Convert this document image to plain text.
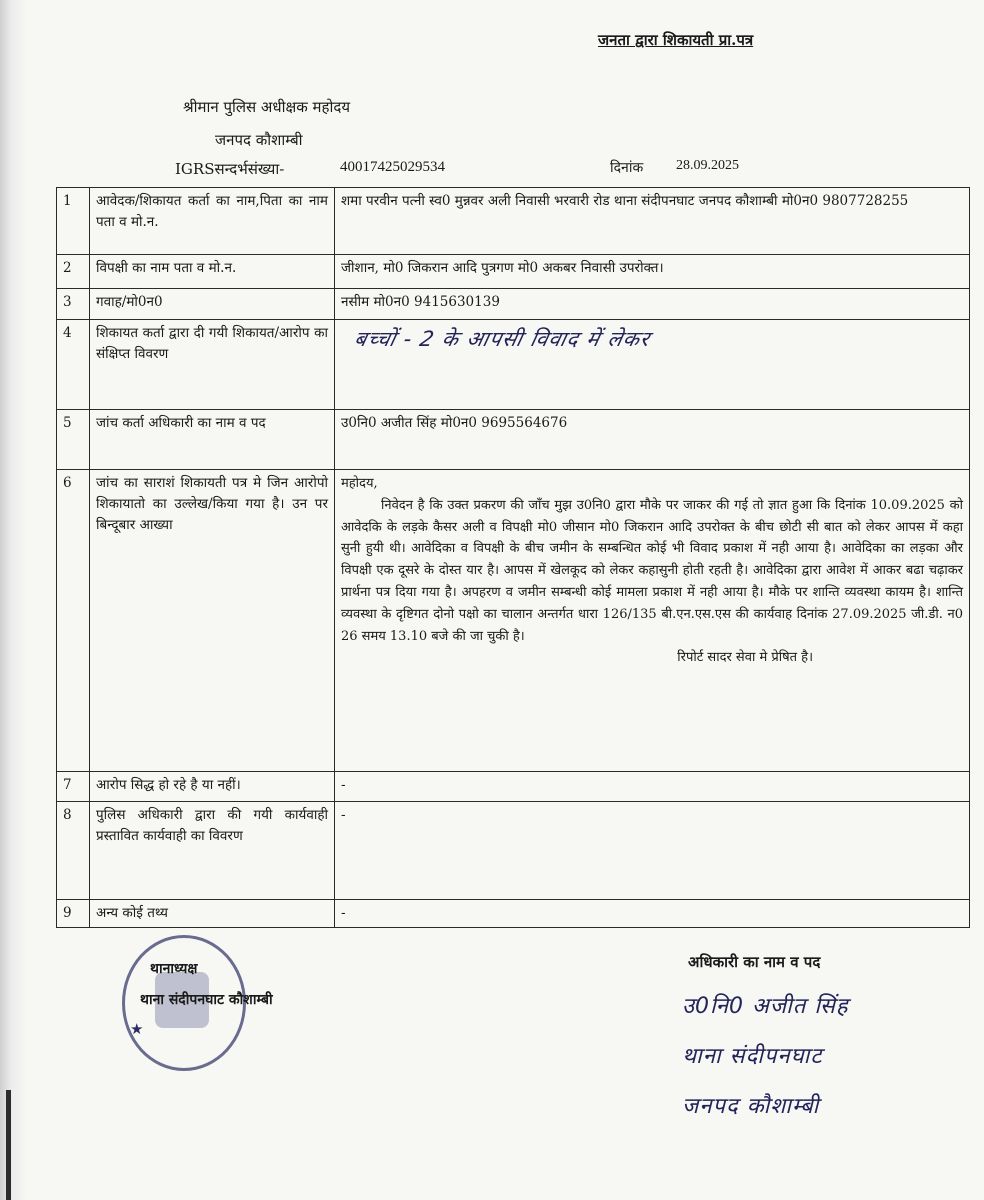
जनता द्वारा शिकायती प्रा.पत्र
श्रीमान पुलिस अधीक्षक महोदय
जनपद कौशाम्बी
IGRSसन्दर्भसंख्या-	40017425029534	दिनांक 28.09.2025
1	आवेदक/शिकायत कर्ता का नाम,पिता का नाम पता व मो.न.	शमा परवीन पत्नी स्व0 मुन्नवर अली निवासी भरवारी रोड थाना संदीपनघाट जनपद कौशाम्बी मो0न0 9807728255
2	विपक्षी का नाम पता व मो.न.	जीशान, मो0 जिकरान आदि पुत्रगण मो0 अकबर निवासी उपरोक्त।
3	गवाह/मो0न0	नसीम मो0न0 9415630139
4	शिकायत कर्ता द्वारा दी गयी शिकायत/आरोप का संक्षिप्त विवरण	बच्चों - 2 के आपसी विवाद में लेकर

5	जांच कर्ता अधिकारी का नाम व पद	उ0नि0 अजीत सिंह मो0न0 9695564676
6	जांच का साराशं शिकायती पत्र मे जिन आरोपो शिकायातो का उल्लेख/किया गया है। उन पर बिन्दूबार आख्या	महोदय,

निवेदन है कि उक्त प्रकरण की जाँच मुझ उ0नि0 द्वारा मौके पर जाकर की गई तो ज्ञात हुआ कि दिनांक 10.09.2025 को आवेदकि के लड़के कैसर अली व विपक्षी मो0 जीसान मो0 जिकरान आदि उपरोक्त के बीच छोटी सी बात को लेकर आपस में कहा सुनी हुयी थी। आवेदिका व विपक्षी के बीच जमीन के सम्बन्धित कोई भी विवाद प्रकाश में नही आया है। आवेदिका का लड़का और विपक्षी एक दूसरे के दोस्त यार है। आपस में खेलकूद को लेकर कहासुनी होती रहती है। आवेदिका द्वारा आवेश में आकर बढा चढ़ाकर प्रार्थना पत्र दिया गया है। अपहरण व जमीन सम्बन्धी कोई मामला प्रकाश में नही आया है। मौके पर शान्ति व्यवस्था कायम है। शान्ति व्यवस्था के दृष्टिगत दोनो पक्षो का चालान अन्तर्गत धारा 126/135 बी.एन.एस.एस की कार्यवाह दिनांक 27.09.2025 जी.डी. न0 26 समय 13.10 बजे की जा चुकी है।

रिपोर्ट सादर सेवा मे प्रेषित है।

7	आरोप सिद्ध हो रहे है या नहीं।	-
8	पुलिस अधिकारी द्वारा की गयी कार्यवाही प्रस्तावित कार्यवाही का विवरण	-
9	अन्य कोई तथ्य	-
★
थानाध्यक्ष
थाना संदीपनघाट कौशाम्बी
अधिकारी का नाम व पद
उ0नि0 अजीत सिंह
थाना संदीपनघाट
जनपद कौशाम्बी
